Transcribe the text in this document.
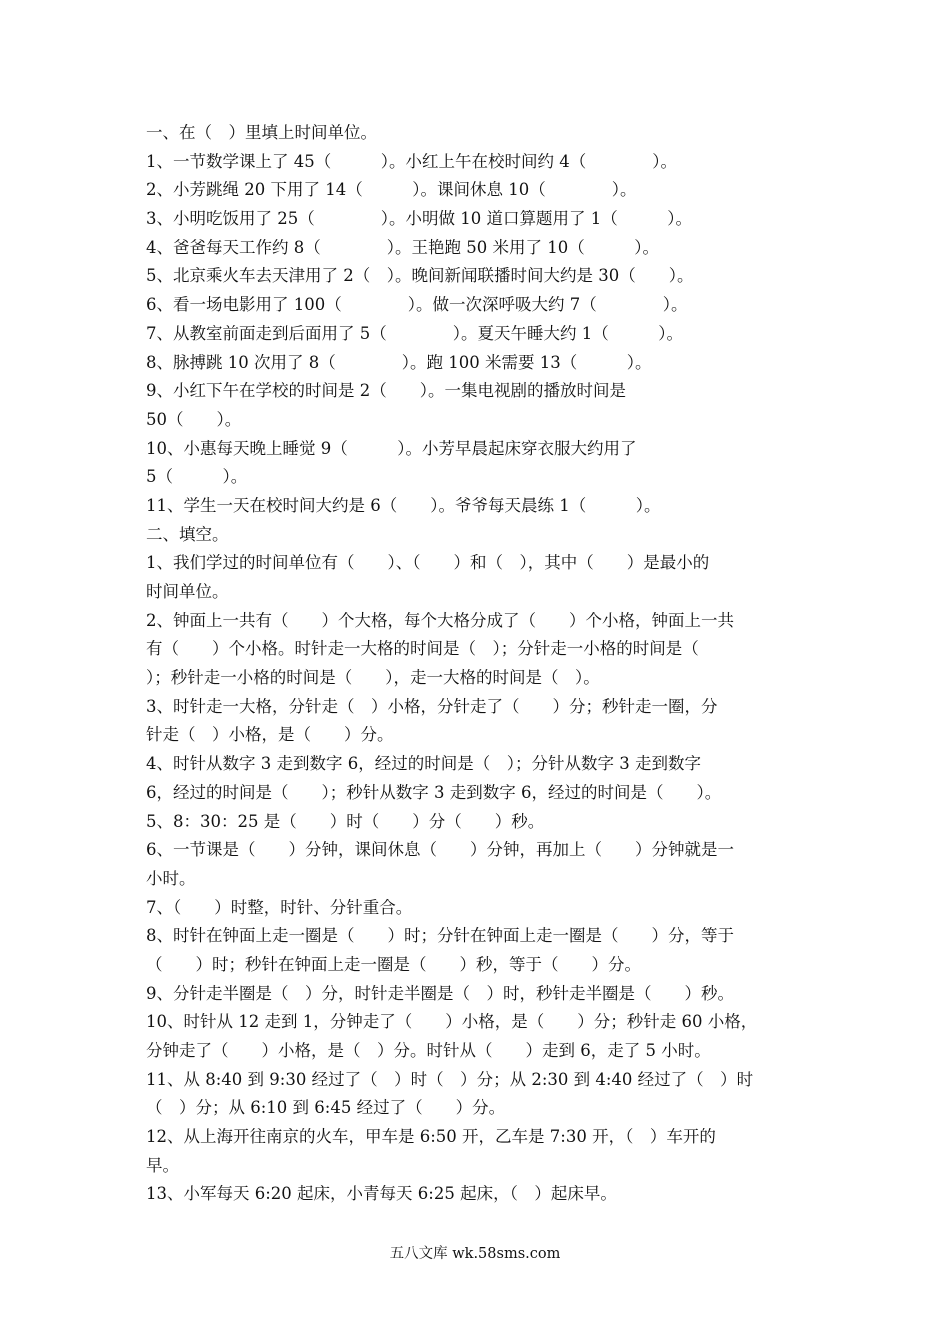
一、在（　）里填上时间单位。
1、一节数学课上了 45（　　　）。小红上午在校时间约 4（　　　　）。
2、小芳跳绳 20 下用了 14（　　　）。课间休息 10（　　　　）。
3、小明吃饭用了 25（　　　　）。小明做 10 道口算题用了 1（　　　）。
4、爸爸每天工作约 8（　　　　）。王艳跑 50 米用了 10（　　　）。
5、北京乘火车去天津用了 2（　）。晚间新闻联播时间大约是 30（　　）。
6、看一场电影用了 100（　　　　）。做一次深呼吸大约 7（　　　　）。
7、从教室前面走到后面用了 5（　　　　）。夏天午睡大约 1（　　　）。
8、脉搏跳 10 次用了 8（　　　　）。跑 100 米需要 13（　　　）。
9、小红下午在学校的时间是 2（　　）。一集电视剧的播放时间是
50（　　）。
10、小惠每天晚上睡觉 9（　　　）。小芳早晨起床穿衣服大约用了
5（　　　）。
11、学生一天在校时间大约是 6（　　）。爷爷每天晨练 1（　　　）。
二、填空。
1、我们学过的时间单位有（　　）、（　　）和（　），其中（　　）是最小的
时间单位。
2、钟面上一共有（　　）个大格，每个大格分成了（　　）个小格，钟面上一共
有（　　）个小格。时针走一大格的时间是（　）；分针走一小格的时间是（
）；秒针走一小格的时间是（　　），走一大格的时间是（　）。
3、时针走一大格，分针走（　）小格，分针走了（　　）分；秒针走一圈，分
针走（　）小格，是（　　）分。
4、时针从数字 3 走到数字 6，经过的时间是（　）；分针从数字 3 走到数字
6，经过的时间是（　　）；秒针从数字 3 走到数字 6，经过的时间是（　　）。
5、8：30：25 是（　　）时（　　）分（　　）秒。
6、一节课是（　　）分钟，课间休息（　　）分钟，再加上（　　）分钟就是一
小时。
7、（　　）时整，时针、分针重合。
8、时针在钟面上走一圈是（　　）时；分针在钟面上走一圈是（　　）分，等于
（　　）时；秒针在钟面上走一圈是（　　）秒，等于（　　）分。
9、分针走半圈是（　）分，时针走半圈是（　）时，秒针走半圈是（　　）秒。
10、时针从 12 走到 1，分钟走了（　　）小格，是（　　）分；秒针走 60 小格，
分钟走了（　　）小格，是（　）分。时针从（　　）走到 6，走了 5 小时。
11、从 8:40 到 9:30 经过了（　）时（　）分；从 2:30 到 4:40 经过了（　）时
（　）分；从 6:10 到 6:45 经过了（　　）分。
12、从上海开往南京的火车，甲车是 6:50 开，乙车是 7:30 开，（　）车开的
早。
13、小军每天 6:20 起床，小青每天 6:25 起床，（　）起床早。
五八文库 wk.58sms.com
